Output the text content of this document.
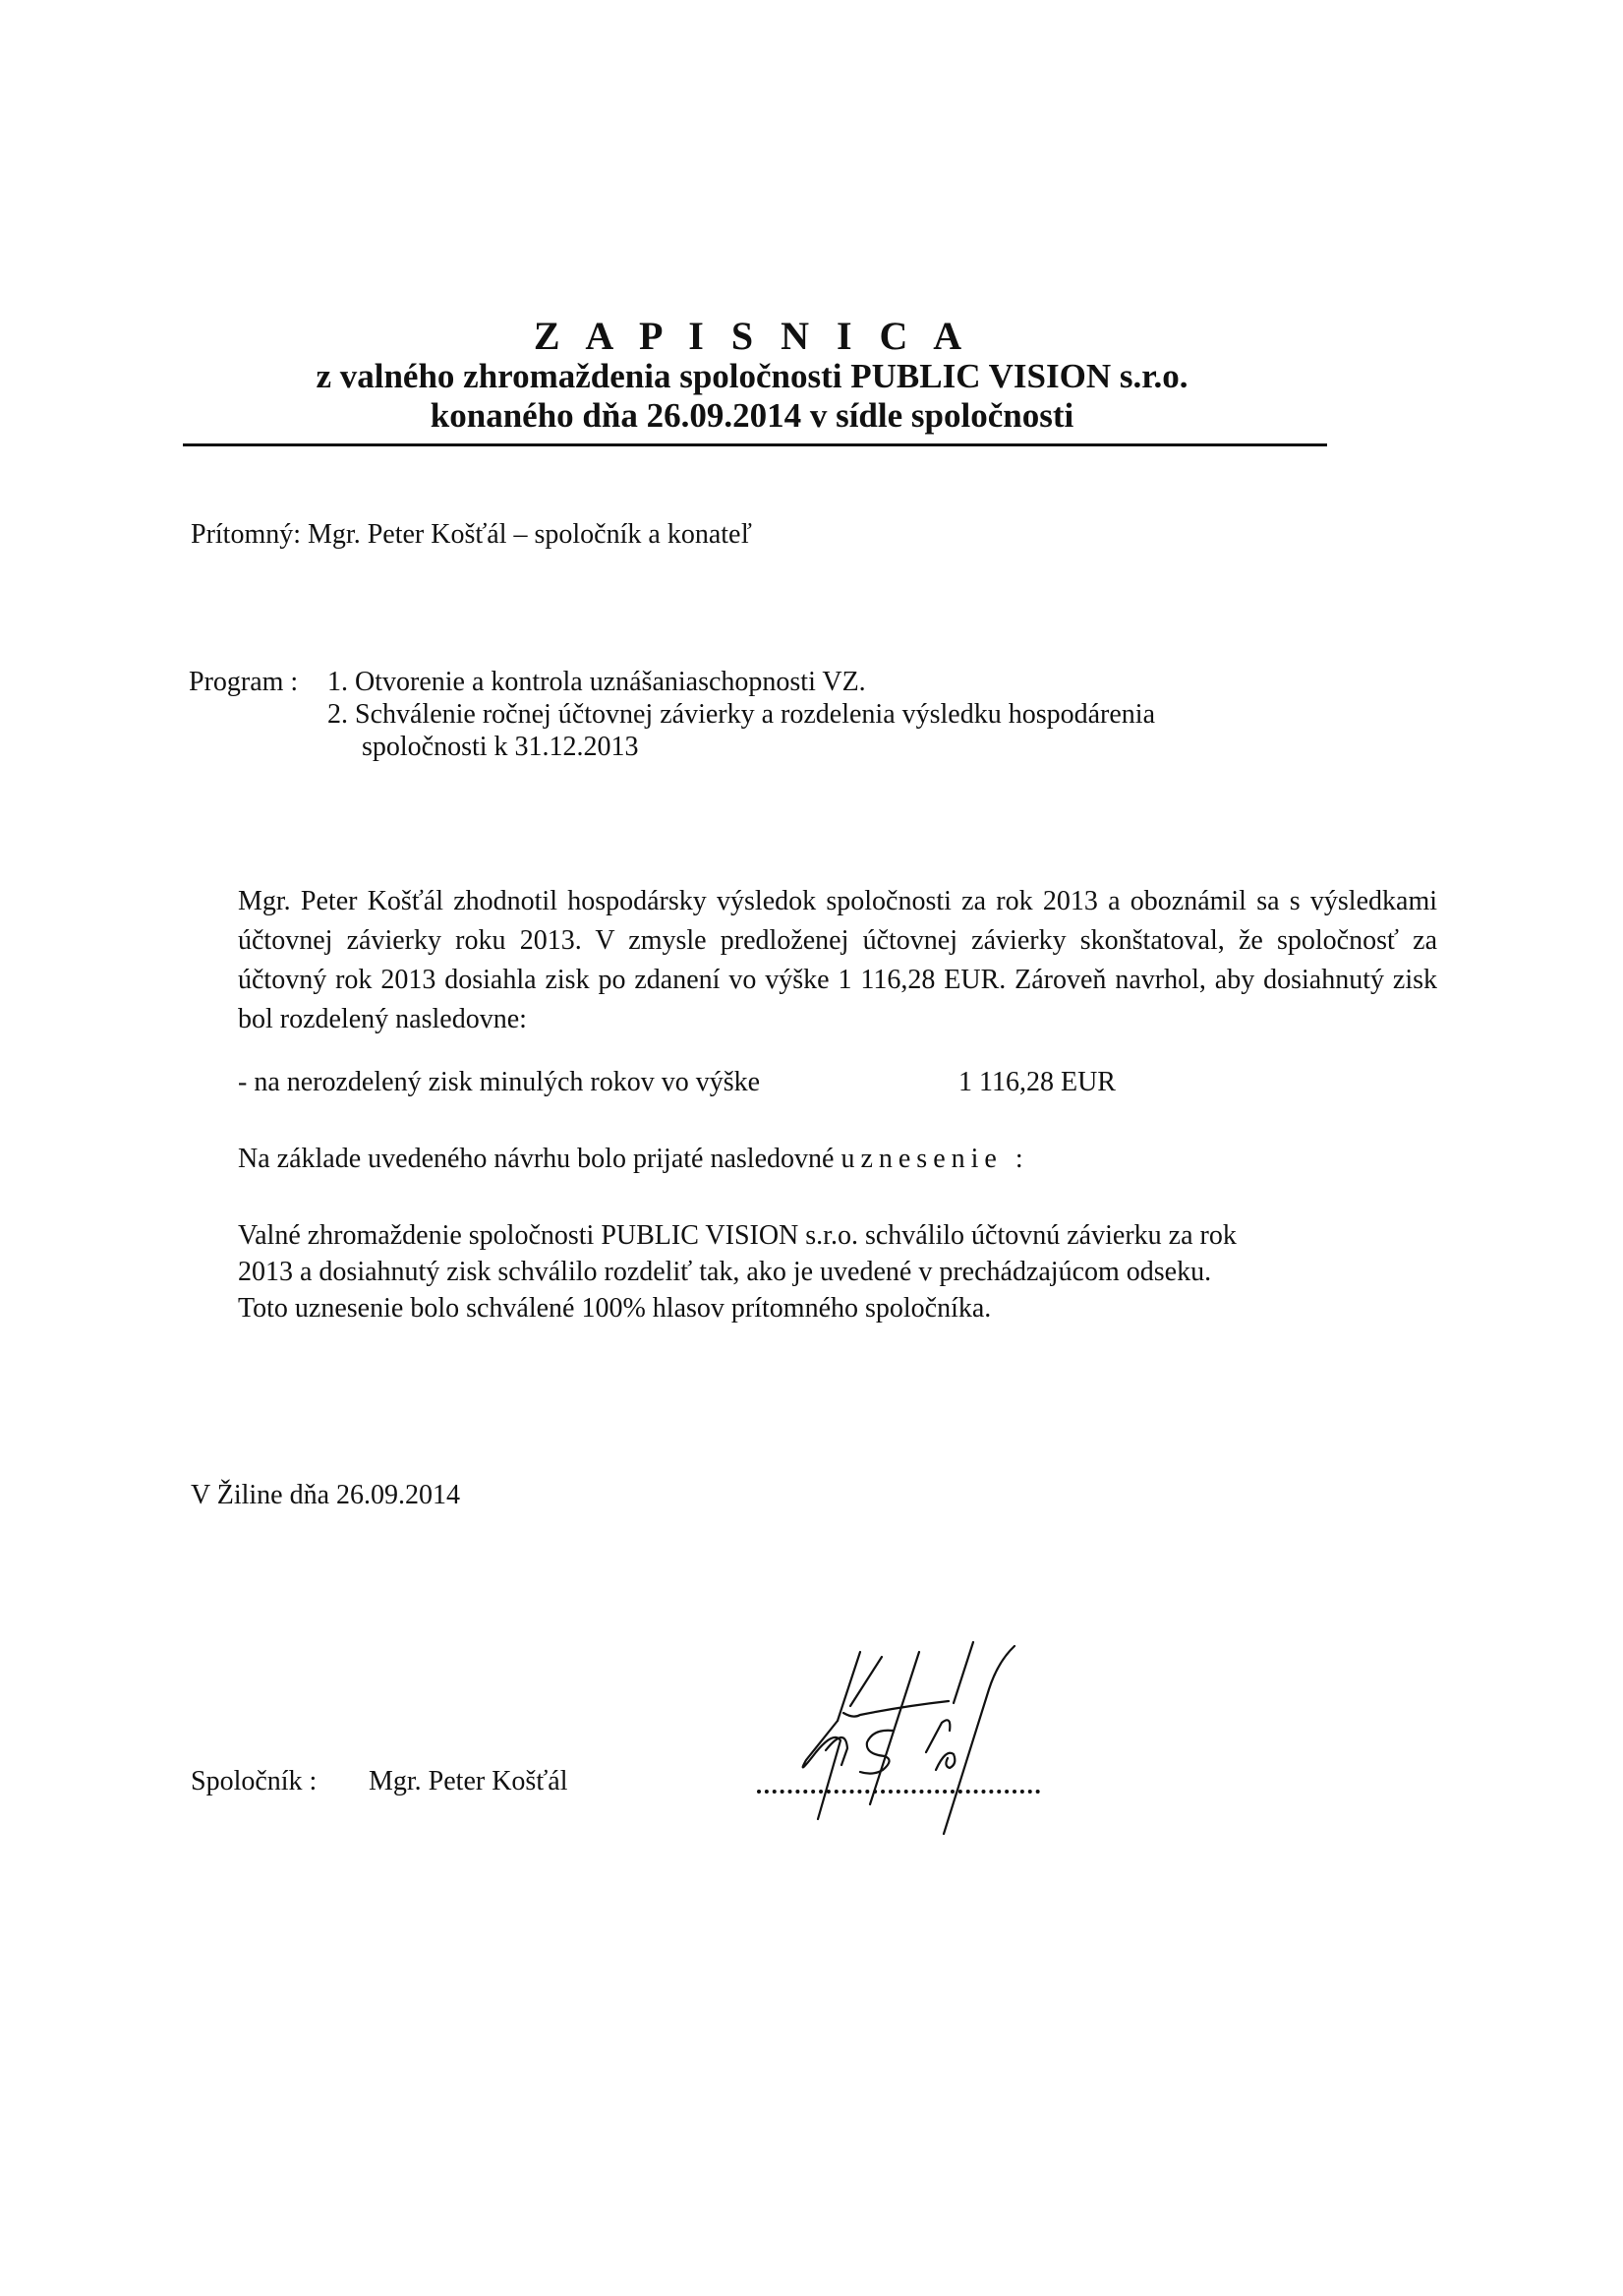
Z A P I S N I C A
z valného zhromaždenia spoločnosti PUBLIC VISION s.r.o.
konaného dňa 26.09.2014 v sídle spoločnosti
Prítomný: Mgr. Peter Košťál – spoločník a konateľ
Program : 1. Otvorenie a kontrola uznášaniaschopnosti VZ.
2. Schválenie ročnej účtovnej závierky a rozdelenia výsledku hospodárenia
spoločnosti k 31.12.2013
Mgr. Peter Košťál zhodnotil hospodársky výsledok spoločnosti za rok 2013 a oboznámil sa s výsledkami účtovnej závierky roku 2013. V zmysle predloženej účtovnej závierky skonštatoval, že spoločnosť za účtovný rok 2013 dosiahla zisk po zdanení vo výške 1 116,28 EUR. Zároveň navrhol, aby dosiahnutý zisk bol rozdelený nasledovne:
- na nerozdelený zisk minulých rokov vo výške	1 116,28 EUR
Na základe uvedeného návrhu bolo prijaté nasledovné uznesenie :
Valné zhromaždenie spoločnosti PUBLIC VISION s.r.o. schválilo účtovnú závierku za rok
2013 a dosiahnutý zisk schválilo rozdeliť tak, ako je uvedené v prechádzajúcom odseku.
Toto uznesenie bolo schválené 100% hlasov prítomného spoločníka.
V Žiline dňa 26.09.2014
Spoločník : Mgr. Peter Košťál
